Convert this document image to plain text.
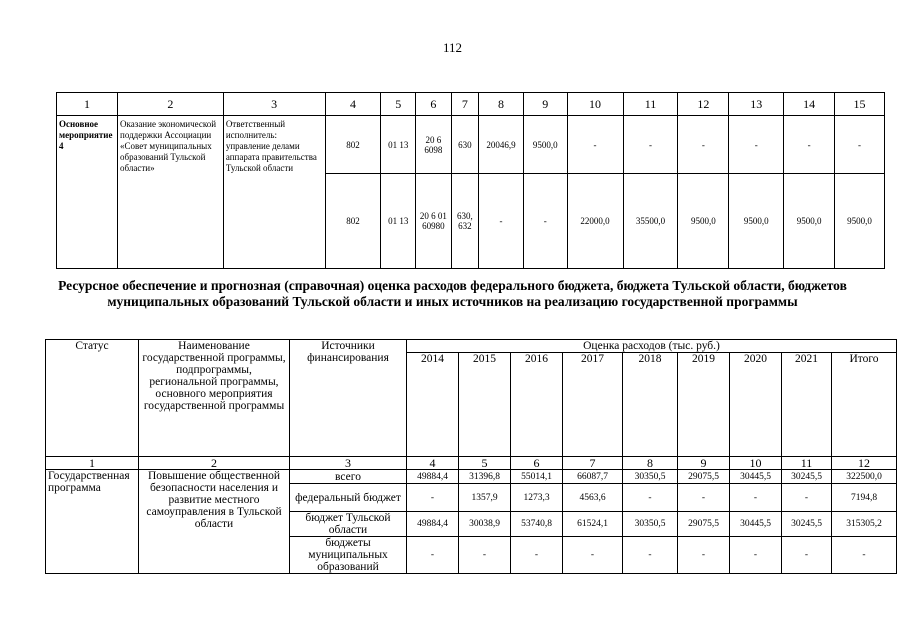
112
1	2	3	4	5	6	7	8	9	10	11	12	13	14	15
Основное мероприятие 4	Оказание экономической поддержки Ассоциации «Совет муниципальных образований Тульской области»	Ответственный исполнитель: управление делами аппарата правительства Тульской области	802	01 13	20 6 6098	630	20046,9	9500,0	-	-	-	-	-	-
			802	01 13	20 6 01 60980	630, 632	-	-	22000,0	35500,0	9500,0	9500,0	9500,0	9500,0
Ресурсное обеспечение и прогнозная (справочная) оценка расходов федерального бюджета, бюджета Тульской области, бюджетов муниципальных образований Тульской области и иных источников на реализацию государственной программы
Статус	Наименование государственной программы, подпрограммы, региональной программы, основного мероприятия государственной программы	Источники финансирования	Оценка расходов (тыс. руб.)								
			2014	2015	2016	2017	2018	2019	2020	2021	Итого
1	2	3	4	5	6	7	8	9	10	11	12
Государственная программа	Повышение общественной безопасности населения и развитие местного самоуправления в Тульской области	всего	49884,4	31396,8	55014,1	66087,7	30350,5	29075,5	30445,5	30245,5	322500,0
		федеральный бюджет	-	1357,9	1273,3	4563,6	-	-	-	-	7194,8
		бюджет Тульской области	49884,4	30038,9	53740,8	61524,1	30350,5	29075,5	30445,5	30245,5	315305,2
		бюджеты муниципальных образований	-	-	-	-	-	-	-	-	-
